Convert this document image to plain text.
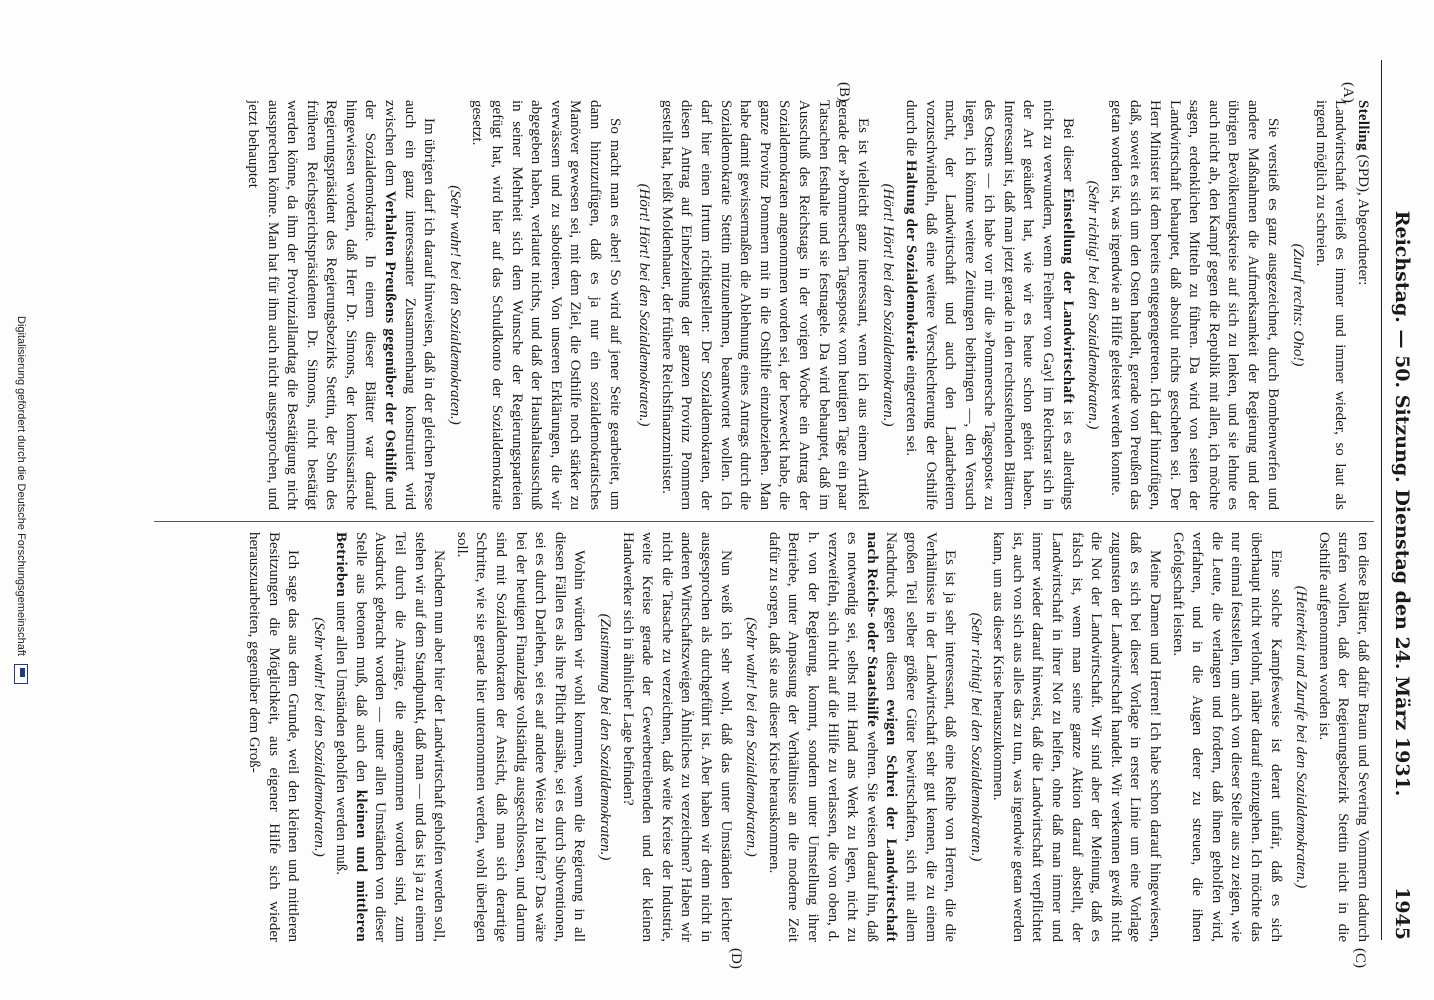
Reichstag. — 50. Sitzung. Dienstag den 24. März 1931.
1945
(A)
(B)
(C)
(D)

Stelling (SPD), Abgeordneter:

Landwirtschaft verließ es immer und immer wieder, so laut als irgend möglich zu schreien.

(Zuruf rechts: Oho!)

Sie verstieß es ganz ausgezeichnet, durch Bombenwerfen und andere Maßnahmen die Aufmerksamkeit der Regierung und der übrigen Bevölkerungskreise auf sich zu lenken, und sie lehnte es auch nicht ab, den Kampf gegen die Republik mit allen, ich möchte sagen, erdenklichen Mitteln zu führen. Da wird von seiten der Landwirtschaft behauptet, daß absolut nichts geschehen sei. Der Herr Minister ist dem bereits entgegengetreten. Ich darf hinzufügen, daß, soweit es sich um den Osten handelt, gerade von Preußen das getan worden ist, was irgendwie an Hilfe geleistet werden konnte.

(Sehr richtig! bei den Sozialdemokraten.)

Bei dieser Einstellung der Landwirtschaft ist es allerdings nicht zu verwundern, wenn Freiherr von Gayl im Reichsrat sich in der Art geäußert hat, wie wir es heute schon gehört haben. Interessant ist, daß man jetzt gerade in den rechtsstehenden Blättern des Ostens — ich habe vor mir die »Pommersche Tagespost« zu liegen, ich könnte weitere Zeitungen beibringen —, den Versuch macht, der Landwirtschaft und auch den Landarbeitern vorzuschwindeln, daß eine weitere Verschlechterung der Osthilfe durch die Haltung der Sozialdemokratie eingetreten sei.

(Hört! Hört! bei den Sozialdemokraten.)

Es ist vielleicht ganz interessant, wenn ich aus einem Artikel gerade der »Pommerschen Tagespost« vom heutigen Tage ein paar Tatsachen festhalte und sie festnagele. Da wird behauptet, daß im Ausschuß des Reichstags in der vorigen Woche ein Antrag der Sozialdemokraten angenommen worden sei, der bezweckt habe, die ganze Provinz Pommern mit in die Osthilfe einzubeziehen. Man habe damit gewissermaßen die Ablehnung eines Antrags durch die Sozialdemokratie Stettin mitzunehmen, beantwortet wollen. Ich darf hier einen Irrtum richtigstellen: Der Sozialdemokraten, der diesen Antrag auf Einbeziehung der ganzen Provinz Pommern gestellt hat, heißt Moldenhauer, der frühere Reichsfinanzminister.

(Hört! Hört! bei den Sozialdemokraten.)

So macht man es aber! So wird auf jener Seite gearbeitet, um dann hinzuzufügen, daß es ja nur ein sozialdemokratisches Manöver gewesen sei, mit dem Ziel, die Osthilfe noch stärker zu verwässern und zu sabotieren. Von unseren Erklärungen, die wir abgegeben haben, verlautet nichts, und daß der Haushaltsausschuß in seiner Mehrheit sich dem Wunsche der Regierungsparteien gefügt hat, wird hier auf das Schuldkonto der Sozialdemokratie gesetzt.

(Sehr wahr! bei den Sozialdemokraten.)

Im übrigen darf ich darauf hinweisen, daß in der gleichen Presse auch ein ganz interessanter Zusammenhang konstruiert wird zwischen dem Verhalten Preußens gegenüber der Osthilfe und der Sozialdemokratie. In einem dieser Blätter war darauf hingewiesen worden, daß Herr Dr. Simons, der kommissarische Regierungspräsident des Regierungsbezirks Stettin, der Sohn des früheren Reichsgerichtspräsidenten Dr. Simons, nicht bestätigt werden könne, da ihm der Provinziallandtag die Bestätigung nicht aussprechen könne. Man hat für ihm auch nicht ausgesprochen, und jetzt behauptet

ten diese Blätter, daß dafür Braun und Severing Vommern dadurch strafen wollen, daß der Regierungsbezirk Stettin nicht in die Osthilfe aufgenommen worden ist.

(Heiterkeit und Zurufe bei den Sozialdemokraten.)

Eine solche Kampfesweise ist derart unfair, daß es sich überhaupt nicht verlohnt, näher darauf einzugehen. Ich möchte das nur einmal feststellen, um auch von dieser Stelle aus zu zeigen, wie die Leute, die verlangen und fordern, daß ihnen geholfen wird, verfahren, und in die Augen derer zu streuen, die ihnen Gefolgschaft leisten.

Meine Damen und Herren! Ich habe schon darauf hingewiesen, daß es sich bei dieser Vorlage in erster Linie um eine Vorlage zugunsten der Landwirtschaft handelt. Wir verkennen gewiß nicht die Not der Landwirtschaft. Wir sind aber der Meinung, daß es falsch ist, wenn man seine ganze Aktion darauf abstellt, der Landwirtschaft in ihrer Not zu helfen, ohne daß man immer und immer wieder darauf hinweist, daß die Landwirtschaft verpflichtet ist, auch von sich aus alles das zu tun, was irgendwie getan werden kann, um aus dieser Krise herauszukommen.

(Sehr richtig! bei den Sozialdemokraten.)

Es ist ja sehr interessant, daß eine Reihe von Herren, die die Verhältnisse in der Landwirtschaft sehr gut kennen, die zu einem großen Teil selber größere Güter bewirtschaften, sich mit allem Nachdruck gegen diesen ewigen Schrei der Landwirtschaft nach Reichs- oder Staatshilfe wehren. Sie weisen darauf hin, daß es notwendig sei, selbst mit Hand ans Werk zu legen, nicht zu verzweifeln, sich nicht auf die Hilfe zu verlassen, die von oben, d. h. von der Regierung, kommt, sondern unter Umstellung ihrer Betriebe, unter Anpassung der Verhältnisse an die moderne Zeit dafür zu sorgen, daß sie aus dieser Krise herauskommen.

(Sehr wahr! bei den Sozialdemokraten.)

Nun weiß ich sehr wohl, daß das unter Umständen leichter ausgesprochen als durchgeführt ist. Aber haben wir denn nicht in anderen Wirtschaftszweigen Ähnliches zu verzeichnen? Haben wir nicht die Tatsache zu verzeichnen, daß weite Kreise der Industrie, weite Kreise gerade der Gewerbetreibenden und der kleinen Handwerker sich in ähnlicher Lage befinden?

(Zustimmung bei den Sozialdemokraten.)

Wohin würden wir wohl kommen, wenn die Regierung in all diesen Fällen es als ihre Pflicht ansähe, sei es durch Subventionen, sei es durch Darlehen, sei es auf andere Weise zu helfen? Das wäre bei der heutigen Finanzlage vollständig ausgeschlossen, und darum sind mit Sozialdemokraten der Ansicht, daß man sich derartige Schritte, wie sie gerade hier unternommen werden, wohl überlegen soll.

Nachdem nun aber hier der Landwirtschaft geholfen werden soll, stehen wir auf dem Standpunkt, daß man — und das ist ja zu einem Teil durch die Anträge, die angenommen worden sind, zum Ausdruck gebracht worden — unter allen Umständen von dieser Stelle aus betonen muß, daß auch den kleinen und mittleren Betrieben unter allen Umständen geholfen werden muß.

(Sehr wahr! bei den Sozialdemokraten.)

Ich sage das aus dem Grunde, weil den kleinen und mittleren Besitzungen die Möglichkeit, aus eigener Hilfe sich wieder herauszuarbeiten, gegenüber dem Groß-

Digitalisierung gefördert durch die Deutsche Forschungsgemeinschaft
